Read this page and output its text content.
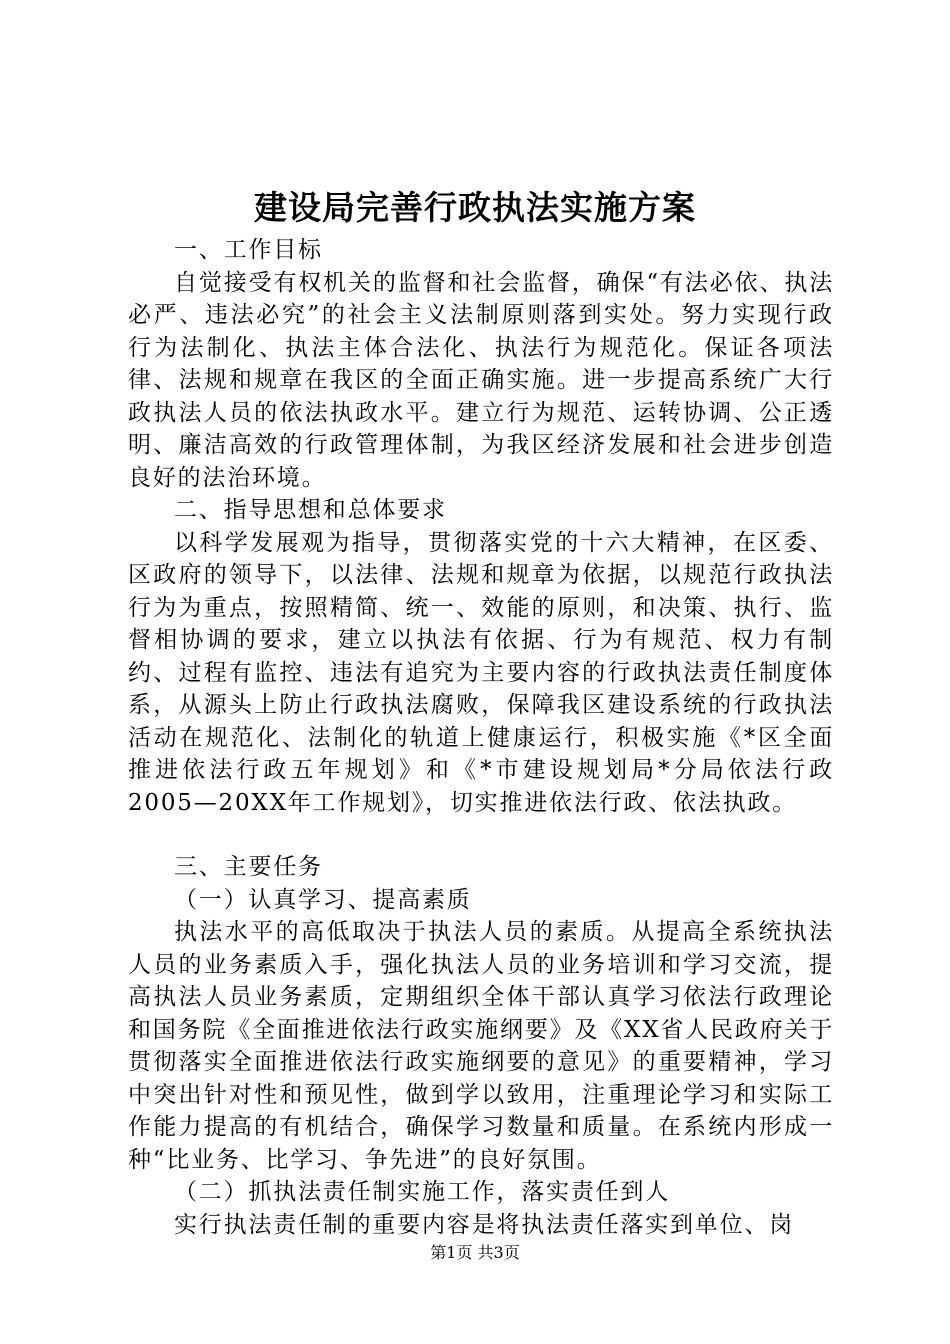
建设局完善行政执法实施方案

一、工作目标

自觉接受有权机关的监督和社会监督，确保“有法必依、执法必严、违法必究”的社会主义法制原则落到实处。努力实现行政行为法制化、执法主体合法化、执法行为规范化。保证各项法律、法规和规章在我区的全面正确实施。进一步提高系统广大行政执法人员的依法执政水平。建立行为规范、运转协调、公正透明、廉洁高效的行政管理体制，为我区经济发展和社会进步创造良好的法治环境。

二、指导思想和总体要求

以科学发展观为指导，贯彻落实党的十六大精神，在区委、区政府的领导下，以法律、法规和规章为依据，以规范行政执法行为为重点，按照精简、统一、效能的原则，和决策、执行、监督相协调的要求，建立以执法有依据、行为有规范、权力有制约、过程有监控、违法有追究为主要内容的行政执法责任制度体系，从源头上防止行政执法腐败，保障我区建设系统的行政执法活动在规范化、法制化的轨道上健康运行，积极实施《*区全面推进依法行政五年规划》和《*市建设规划局*分局依法行政2005—20XX年工作规划》，切实推进依法行政、依法执政。

三、主要任务

（一）认真学习、提高素质

执法水平的高低取决于执法人员的素质。从提高全系统执法人员的业务素质入手，强化执法人员的业务培训和学习交流，提高执法人员业务素质，定期组织全体干部认真学习依法行政理论和国务院《全面推进依法行政实施纲要》及《XX省人民政府关于贯彻落实全面推进依法行政实施纲要的意见》的重要精神，学习中突出针对性和预见性，做到学以致用，注重理论学习和实际工作能力提高的有机结合，确保学习数量和质量。在系统内形成一种“比业务、比学习、争先进”的良好氛围。

（二）抓执法责任制实施工作，落实责任到人

实行执法责任制的重要内容是将执法责任落实到单位、岗

第1页 共3页
